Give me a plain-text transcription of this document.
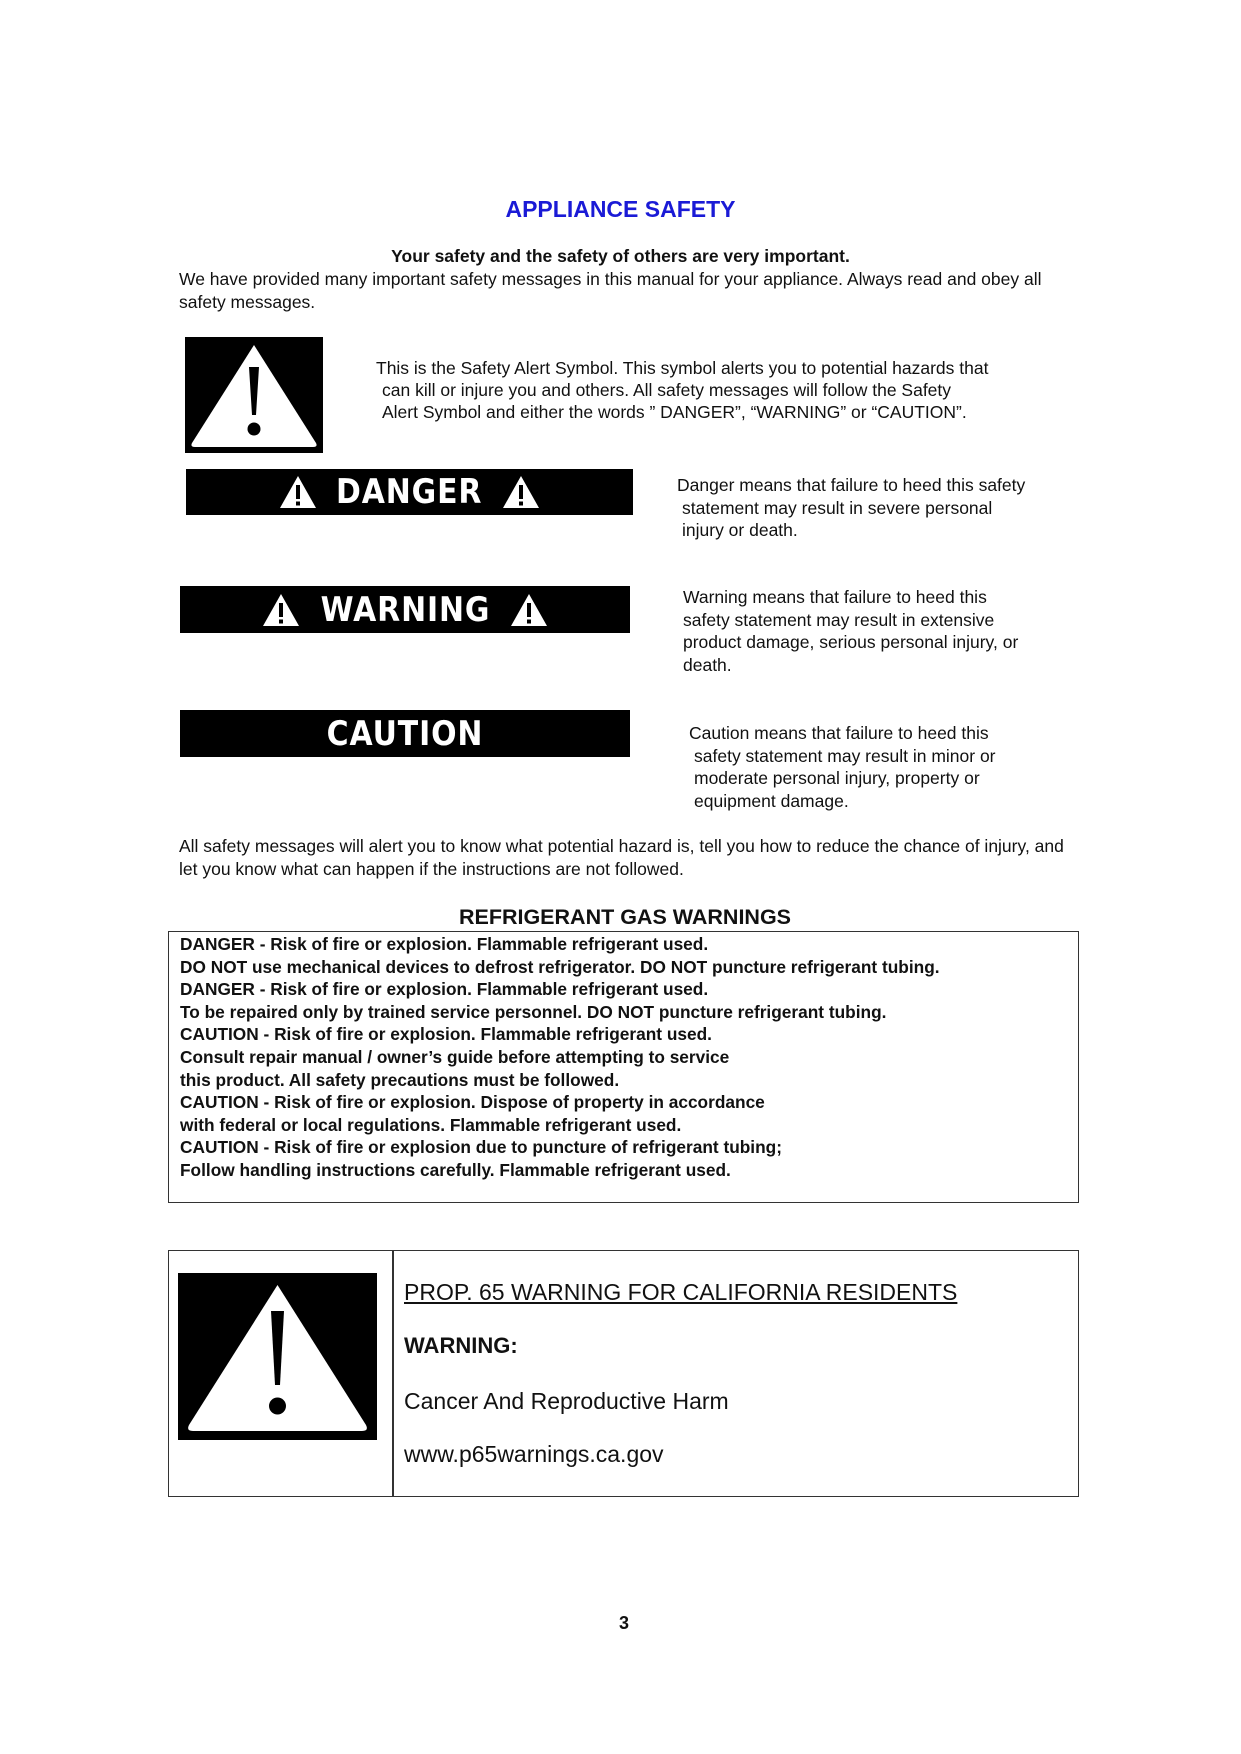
APPLIANCE SAFETY
Your safety and the safety of others are very important.
We have provided many important safety messages in this manual for your appliance. Always read and obey all safety messages.
This is the Safety Alert Symbol. This symbol alerts you to potential hazards that
can kill or injure you and others. All safety messages will follow the Safety
Alert Symbol and either the words ” DANGER”, “WARNING” or “CAUTION”.
DANGER	Danger means that failure to heed this safety
statement may result in severe personal
injury or death.
WARNING	Warning means that failure to heed this
safety statement may result in extensive
product damage, serious personal injury, or
death.
CAUTION	Caution means that failure to heed this
safety statement may result in minor or
moderate personal injury, property or
equipment damage.
All safety messages will alert you to know what potential hazard is, tell you how to reduce the chance of injury, and let you know what can happen if the instructions are not followed.
REFRIGERANT GAS WARNINGS
DANGER - Risk of fire or explosion. Flammable refrigerant used.
DO NOT use mechanical devices to defrost refrigerator. DO NOT puncture refrigerant tubing.
DANGER - Risk of fire or explosion. Flammable refrigerant used.
To be repaired only by trained service personnel. DO NOT puncture refrigerant tubing.
CAUTION - Risk of fire or explosion. Flammable refrigerant used.
Consult repair manual / owner’s guide before attempting to service
this product. All safety precautions must be followed.
CAUTION - Risk of fire or explosion. Dispose of property in accordance
with federal or local regulations. Flammable refrigerant used.
CAUTION - Risk of fire or explosion due to puncture of refrigerant tubing;
Follow handling instructions carefully. Flammable refrigerant used.
PROP. 65 WARNING FOR CALIFORNIA RESIDENTS
WARNING:
Cancer And Reproductive Harm
www.p65warnings.ca.gov
3
